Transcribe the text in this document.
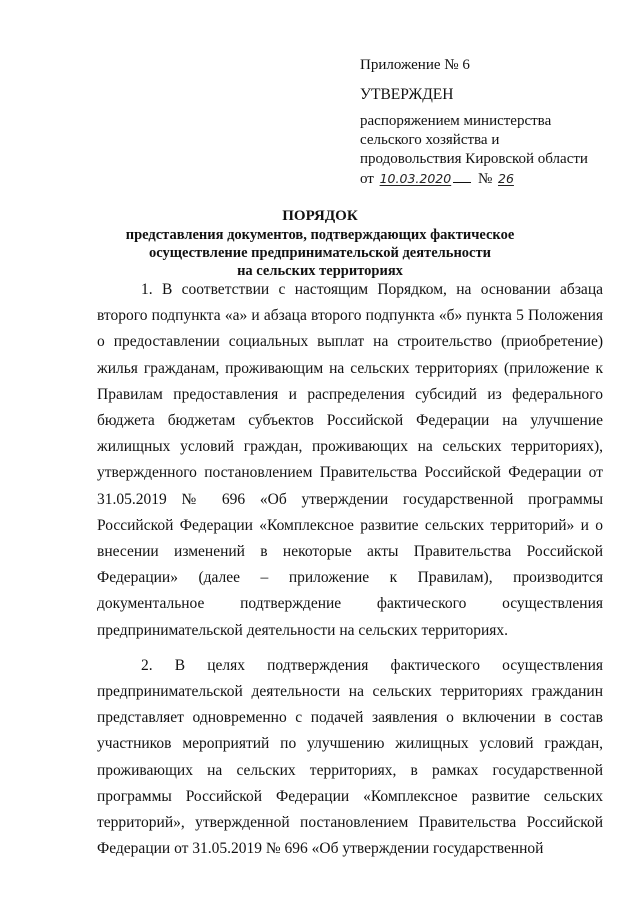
Приложение № 6
УТВЕРЖДЕН
распоряжением министерства
сельского хозяйства и
продовольствия Кировской области
от 10.03.2020 № 26
ПОРЯДОК
представления документов, подтверждающих фактическое
осуществление предпринимательской деятельности
на сельских территориях

1. В соответствии с настоящим Порядком, на основании абзаца второго подпункта «а» и абзаца второго подпункта «б» пункта 5 Положения о предоставлении социальных выплат на строительство (приобретение) жилья гражданам, проживающим на сельских территориях (приложение к Правилам предоставления и распределения субсидий из федерального бюджета бюджетам субъектов Российской Федерации на улучшение жилищных условий граждан, проживающих на сельских территориях), утвержденного постановлением Правительства Российской Федерации от 31.05.2019 № 696 «Об утверждении государственной программы Российской Федерации «Комплексное развитие сельских территорий» и о внесении изменений в некоторые акты Правительства Российской Федерации» (далее – приложение к Правилам), производится документальное подтверждение фактического осуществления предпринимательской деятельности на сельских территориях.

2. В целях подтверждения фактического осуществления предпринимательской деятельности на сельских территориях гражданин представляет одновременно с подачей заявления о включении в состав участников мероприятий по улучшению жилищных условий граждан, проживающих на сельских территориях, в рамках государственной программы Российской Федерации «Комплексное развитие сельских территорий», утвержденной постановлением Правительства Российской Федерации от 31.05.2019 № 696 «Об утверждении государственной
